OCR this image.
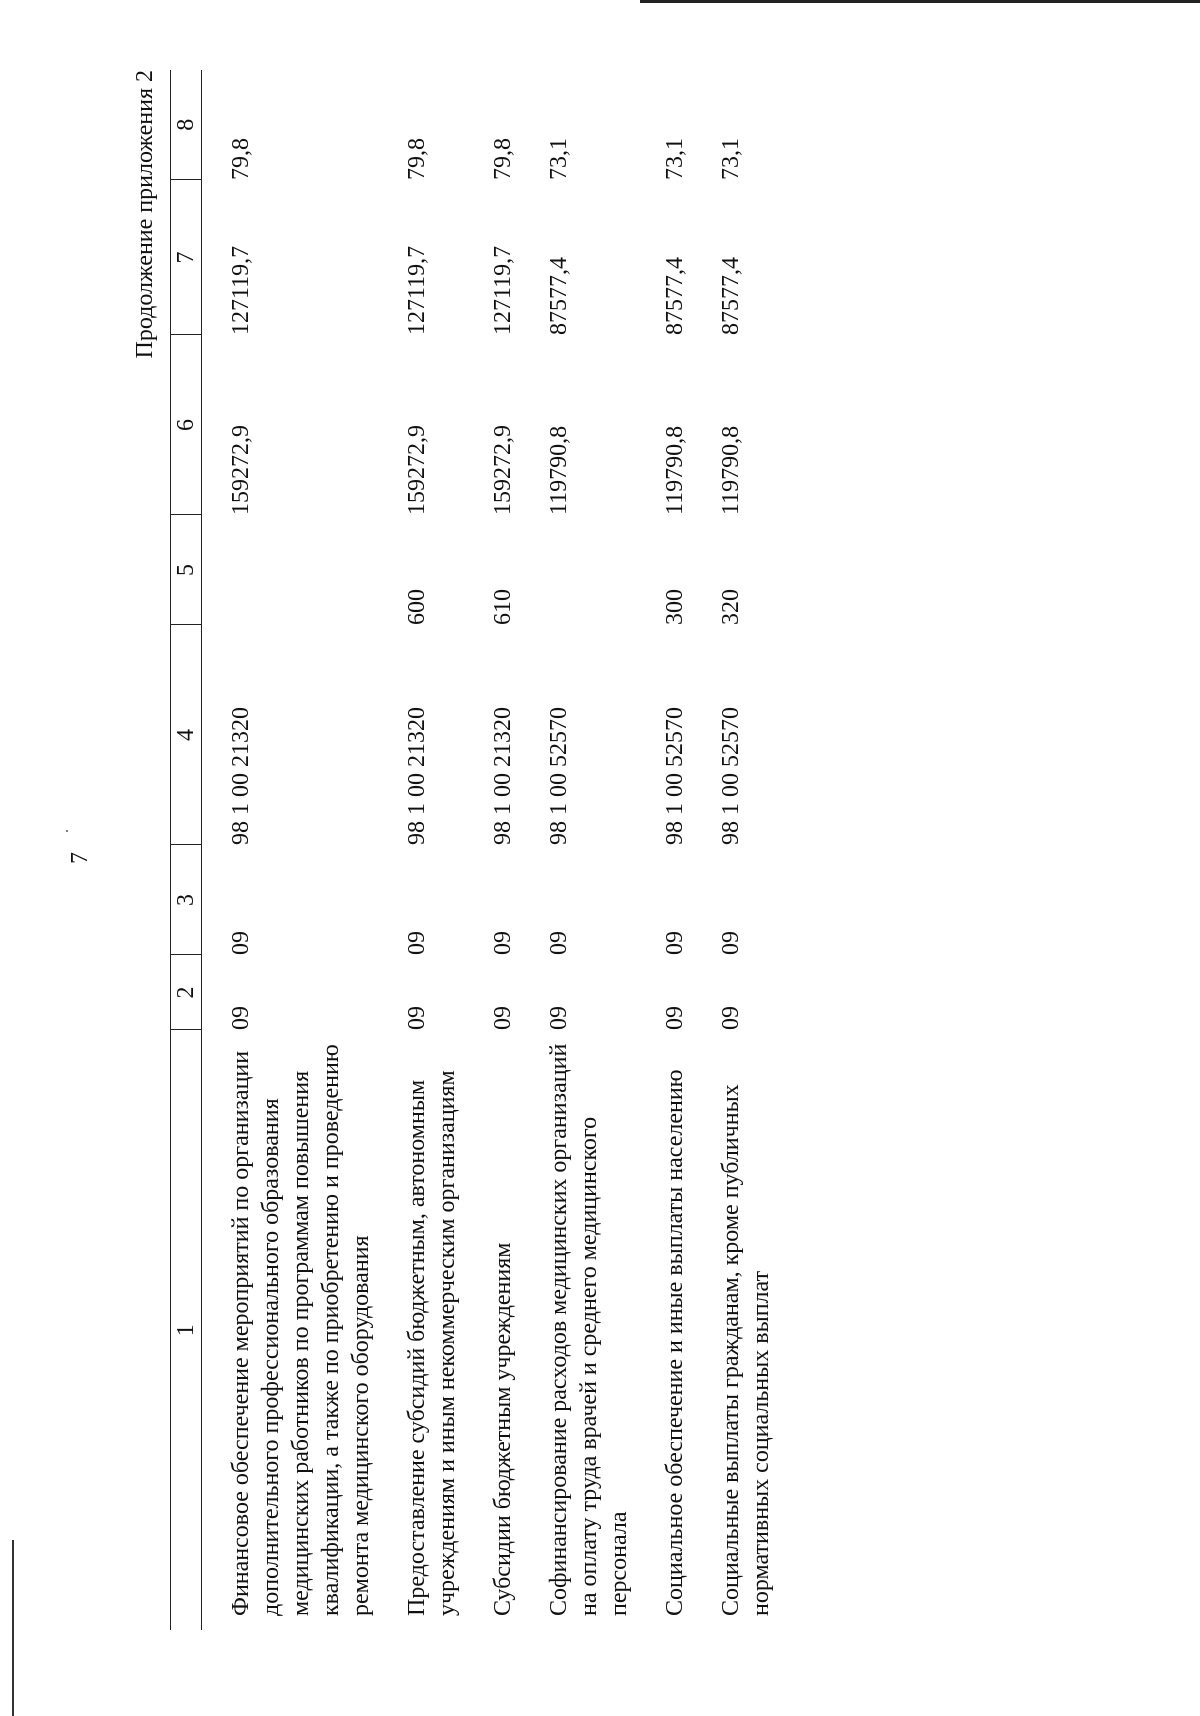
7
Продолжение приложения 2
1	2	3	4	5	6	7	8
Финансовое обеспечение мероприятий по организации дополнительного профессионального образования медицинских работников по программам повышения квалификации, а также по приобретению и проведению ремонта медицинского оборудования	09	09	98 1 00 21320		159272,9	127119,7	79,8
Предоставление субсидий бюджетным, автономным учреждениям и иным некоммерческим организациям	09	09	98 1 00 21320	600	159272,9	127119,7	79,8
Субсидии бюджетным учреждениям	09	09	98 1 00 21320	610	159272,9	127119,7	79,8
Софинансирование расходов медицинских организаций на оплату труда врачей и среднего медицинского персонала	09	09	98 1 00 52570		119790,8	87577,4	73,1
Социальное обеспечение и иные выплаты населению	09	09	98 1 00 52570	300	119790,8	87577,4	73,1
Социальные выплаты гражданам, кроме публичных нормативных социальных выплат	09	09	98 1 00 52570	320	119790,8	87577,4	73,1
